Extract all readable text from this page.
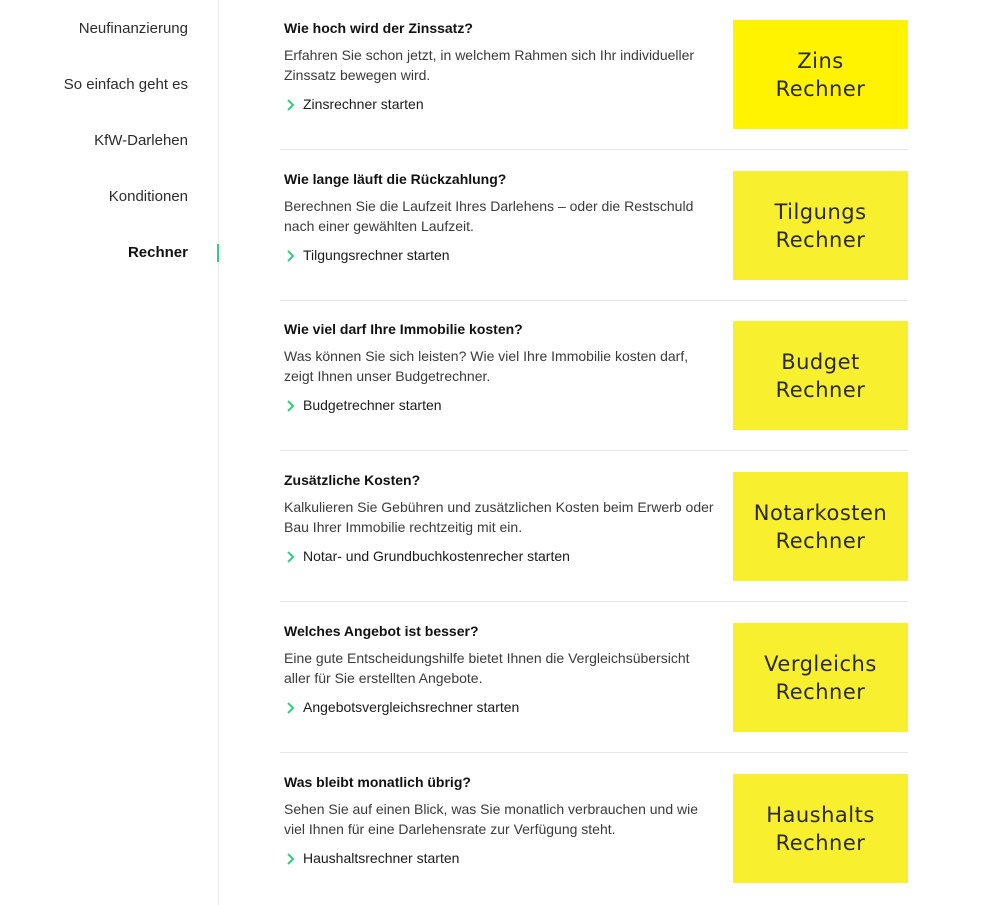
Neufinanzierung
So einfach geht es
KfW-Darlehen
Konditionen
Rechner
Wie hoch wird der Zinssatz?
Erfahren Sie schon jetzt, in welchem Rahmen sich Ihr individueller Zinssatz bewegen wird.
Zinsrechner starten
Zins
Rechner
Wie lange läuft die Rückzahlung?
Berechnen Sie die Laufzeit Ihres Darlehens – oder die Restschuld nach einer gewählten Laufzeit.
Tilgungsrechner starten
Tilgungs
Rechner
Wie viel darf Ihre Immobilie kosten?
Was können Sie sich leisten? Wie viel Ihre Immobilie kosten darf, zeigt Ihnen unser Budgetrechner.
Budgetrechner starten
Budget
Rechner
Zusätzliche Kosten?
Kalkulieren Sie Gebühren und zusätzlichen Kosten beim Erwerb oder Bau Ihrer Immobilie rechtzeitig mit ein.
Notar- und Grundbuchkostenrecher starten
Notarkosten
Rechner
Welches Angebot ist besser?
Eine gute Entscheidungshilfe bietet Ihnen die Vergleichsübersicht aller für Sie erstellten Angebote.
Angebotsvergleichsrechner starten
Vergleichs
Rechner
Was bleibt monatlich übrig?
Sehen Sie auf einen Blick, was Sie monatlich verbrauchen und wie viel Ihnen für eine Darlehensrate zur Verfügung steht.
Haushaltsrechner starten
Haushalts
Rechner
